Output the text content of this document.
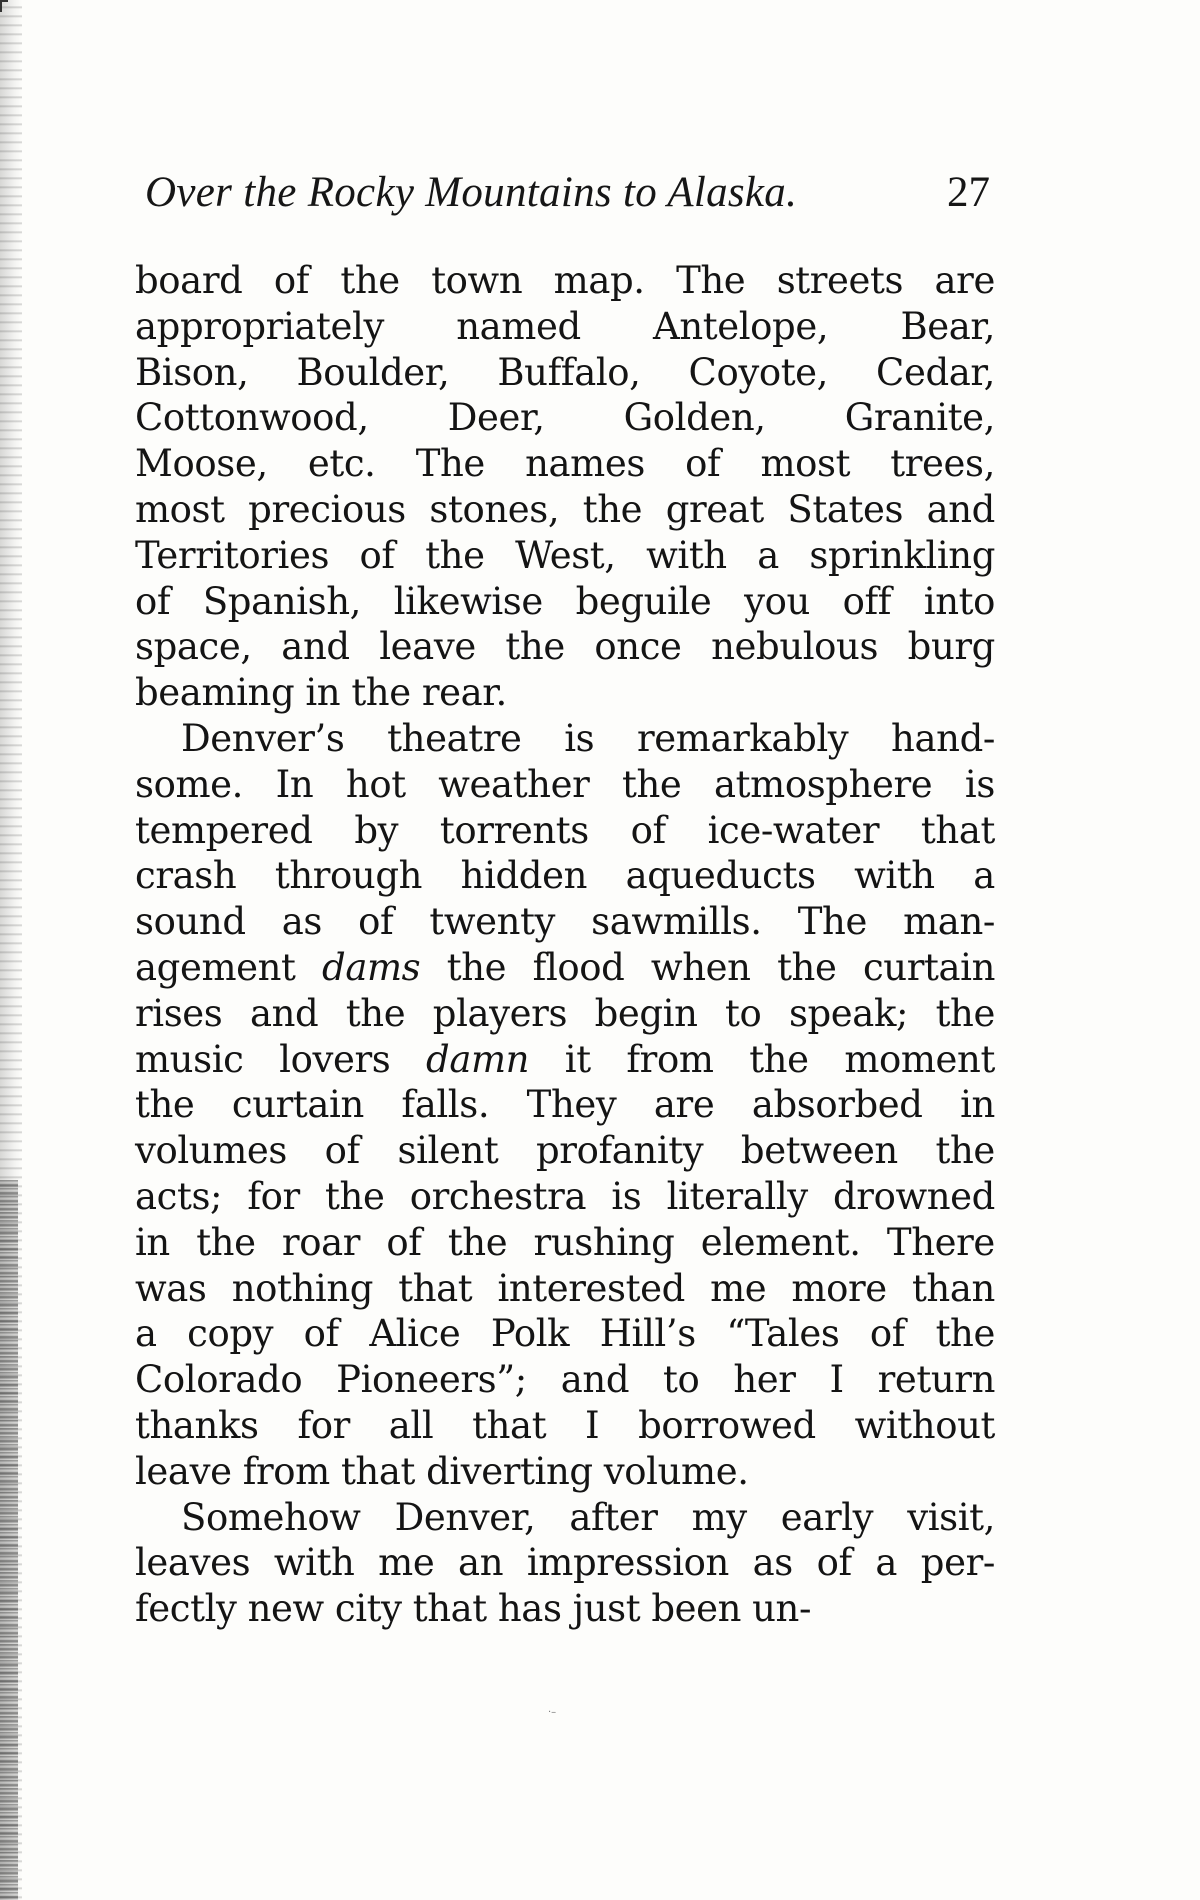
Over the Rocky Mountains to Alaska.	27
board of the town map. The streets are
appropriately named Antelope, Bear,
Bison, Boulder, Buffalo, Coyote, Cedar,
Cottonwood, Deer, Golden, Granite,
Moose, etc. The names of most trees,
most precious stones, the great States and
Territories of the West, with a sprinkling
of Spanish, likewise beguile you off into
space, and leave the once nebulous burg
beaming in the rear.
Denver’s theatre is remarkably hand-
some. In hot weather the atmosphere is
tempered by torrents of ice-water that
crash through hidden aqueducts with a
sound as of twenty sawmills. The man-
agement dams the flood when the curtain
rises and the players begin to speak; the
music lovers damn it from the moment
the curtain falls. They are absorbed in
volumes of silent profanity between the
acts; for the orchestra is literally drowned
in the roar of the rushing element. There
was nothing that interested me more than
a copy of Alice Polk Hill’s “Tales of the
Colorado Pioneers”; and to her I return
thanks for all that I borrowed without
leave from that diverting volume.
Somehow Denver, after my early visit,
leaves with me an impression as of a per-
fectly new city that has just been un-
·–
